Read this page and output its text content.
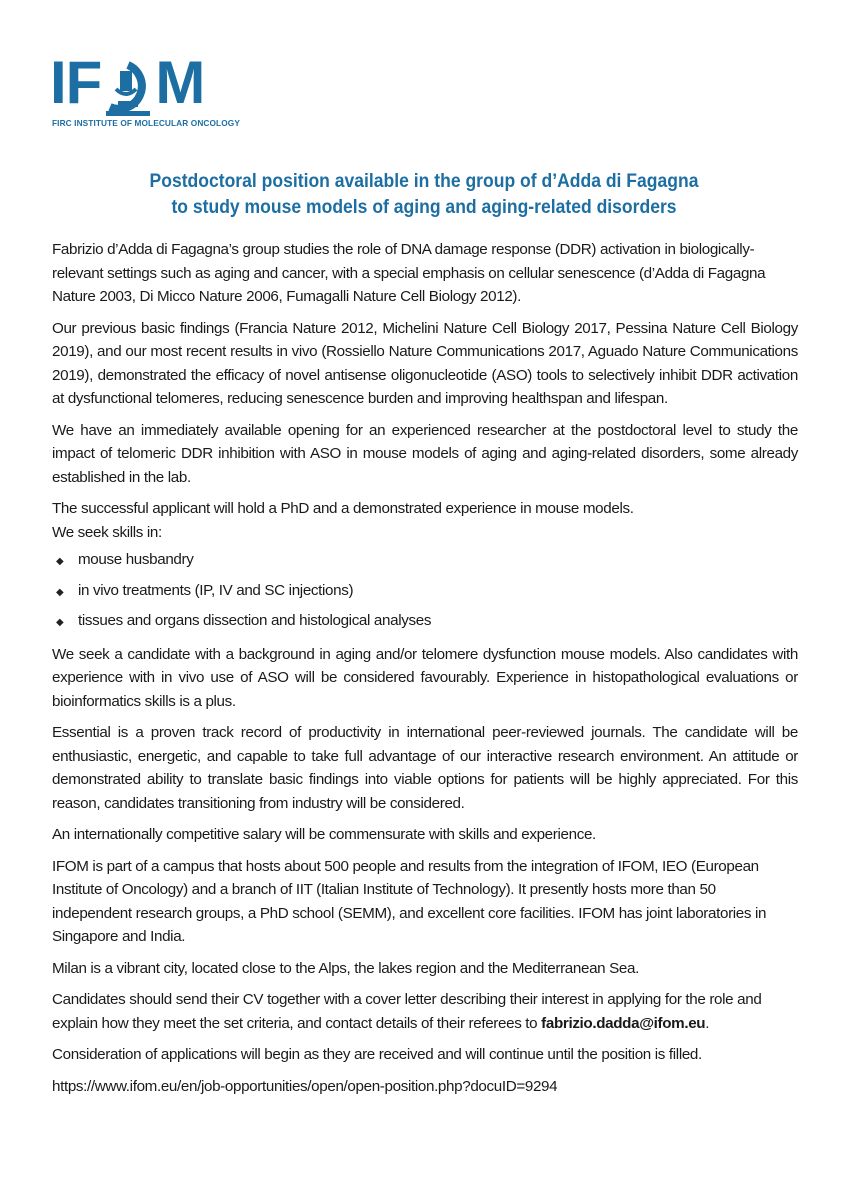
IF M
FIRC INSTITUTE OF MOLECULAR ONCOLOGY
Postdoctoral position available in the group of d’Adda di Fagagna
to study mouse models of aging and aging-related disorders

Fabrizio d’Adda di Fagagna’s group studies the role of DNA damage response (DDR) activation in biologically-relevant settings such as aging and cancer, with a special emphasis on cellular senescence (d’Adda di Fagagna Nature 2003, Di Micco Nature 2006, Fumagalli Nature Cell Biology 2012).

Our previous basic findings (Francia Nature 2012, Michelini Nature Cell Biology 2017, Pessina Nature Cell Biology 2019), and our most recent results in vivo (Rossiello Nature Communications 2017, Aguado Nature Communications 2019), demonstrated the efficacy of novel antisense oligonucleotide (ASO) tools to selectively inhibit DDR activation at dysfunctional telomeres, reducing senescence burden and improving healthspan and lifespan.

We have an immediately available opening for an experienced researcher at the postdoctoral level to study the impact of telomeric DDR inhibition with ASO in mouse models of aging and aging-related disorders, some already established in the lab.

The successful applicant will hold a PhD and a demonstrated experience in mouse models.

We seek skills in:

◆ mouse husbandry
◆ in vivo treatments (IP, IV and SC injections)
◆ tissues and organs dissection and histological analyses

We seek a candidate with a background in aging and/or telomere dysfunction mouse models. Also candidates with experience with in vivo use of ASO will be considered favourably. Experience in histopathological evaluations or bioinformatics skills is a plus.

Essential is a proven track record of productivity in international peer-reviewed journals. The candidate will be enthusiastic, energetic, and capable to take full advantage of our interactive research environment. An attitude or demonstrated ability to translate basic findings into viable options for patients will be highly appreciated. For this reason, candidates transitioning from industry will be considered.

An internationally competitive salary will be commensurate with skills and experience.

IFOM is part of a campus that hosts about 500 people and results from the integration of IFOM, IEO (European Institute of Oncology) and a branch of IIT (Italian Institute of Technology). It presently hosts more than 50 independent research groups, a PhD school (SEMM), and excellent core facilities. IFOM has joint laboratories in Singapore and India.

Milan is a vibrant city, located close to the Alps, the lakes region and the Mediterranean Sea.

Candidates should send their CV together with a cover letter describing their interest in applying for the role and explain how they meet the set criteria, and contact details of their referees to fabrizio.dadda@ifom.eu.

Consideration of applications will begin as they are received and will continue until the position is filled.

https://www.ifom.eu/en/job-opportunities/open/open-position.php?docuID=9294
